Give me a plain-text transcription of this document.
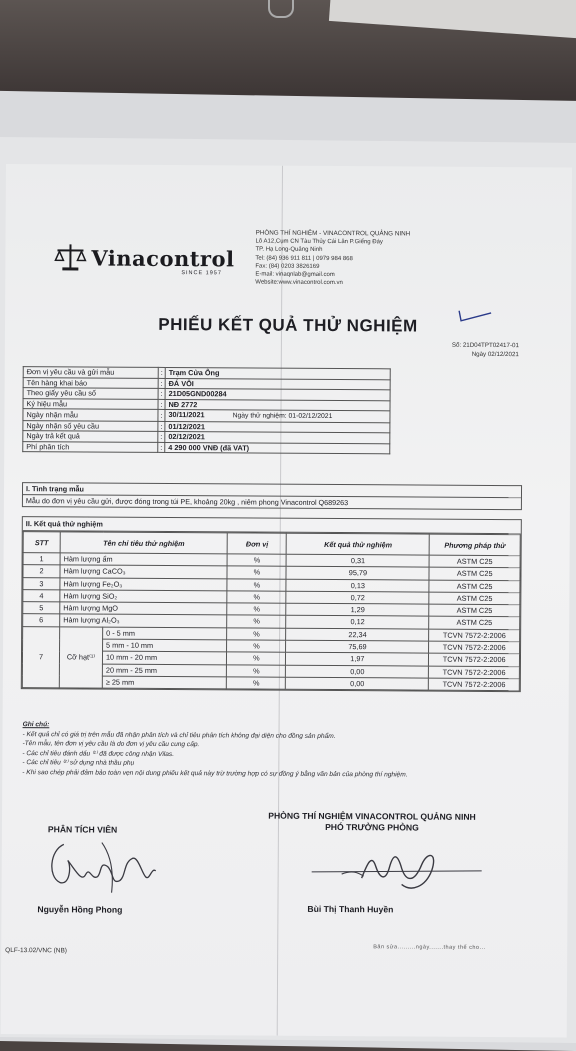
Vinacontrol
SINCE 1957
PHÒNG THÍ NGHIỆM - VINACONTROL QUẢNG NINH
Lô A12,Cụm CN Tàu Thủy Cái Lân P.Giếng Đáy
TP. Hạ Long-Quảng Ninh
Tel: (84) 936 911 811 | 0979 984 868
Fax: (84) 0203 3826169
E-mail: vinaqnlab@gmail.com
Website:www.vinacontrol.com.vn
PHIẾU KẾT QUẢ THỬ NGHIỆM
Số: 21D04TPT02417-01
Ngày 02/12/2021
Đơn vị yêu cầu và gửi mẫu	:	Trạm Cửa Ông
Tên hàng khai báo	:	ĐÁ VÔI
Theo giấy yêu cầu số	:	21D05GND00284
Ký hiệu mẫu	:	NĐ 2772
Ngày nhận mẫu	:	30/11/2021 Ngày thử nghiệm: 01-02/12/2021
Ngày nhận số yêu cầu	:	01/12/2021
Ngày trả kết quả	:	02/12/2021
Phí phân tích	:	4 290 000 VNĐ (đã VAT)
I. Tình trạng mẫu
Mẫu do đơn vị yêu cầu gửi, được đóng trong túi PE, khoảng 20kg , niêm phong Vinacontrol Q689263
II. Kết quả thử nghiệm
STT	Tên chỉ tiêu thử nghiệm		Đơn vị	Kết quả thử nghiệm	Phương pháp thử
1	Hàm lượng ẩm		%	0,31	ASTM C25
2	Hàm lượng CaCO₃		%	95,79	ASTM C25
3	Hàm lượng Fe₂O₃		%	0,13	ASTM C25
4	Hàm lượng SiO₂		%	0,72	ASTM C25
5	Hàm lượng MgO		%	1,29	ASTM C25
6	Hàm lượng Al₂O₃		%	0,12	ASTM C25
7	Cỡ hạt⁽¹⁾	0 - 5 mm	%	22,34	TCVN 7572-2:2006
		5 mm - 10 mm	%	75,69	TCVN 7572-2:2006
		10 mm - 20 mm	%	1,97	TCVN 7572-2:2006
		20 mm - 25 mm	%	0,00	TCVN 7572-2:2006
		≥ 25 mm	%	0,00	TCVN 7572-2:2006
Ghi chú:
- Kết quả chỉ có giá trị trên mẫu đã nhận phân tích và chỉ tiêu phân tích không đại diện cho đồng sản phẩm.
-Tên mẫu, tên đơn vị yêu cầu là do đơn vị yêu cầu cung cấp.
- Các chỉ tiêu đánh dấu ⁽¹⁾ đã được công nhận Vilas.
- Các chỉ tiêu ⁽²⁾ sử dụng nhà thầu phụ
- Khi sao chép phải đảm bảo toàn vẹn nội dung phiếu kết quả này trừ trường hợp có sự đồng ý bằng văn bản của phòng thí nghiệm.
PHÒNG THÍ NGHIỆM VINACONTROL QUẢNG NINH
PHÓ TRƯỞNG PHÒNG
PHÂN TÍCH VIÊN
Nguyễn Hồng Phong	Bùi Thị Thanh Huyền
QLF-13.02/VNC (NB)	Bản sửa.........ngày.......thay thế cho...
